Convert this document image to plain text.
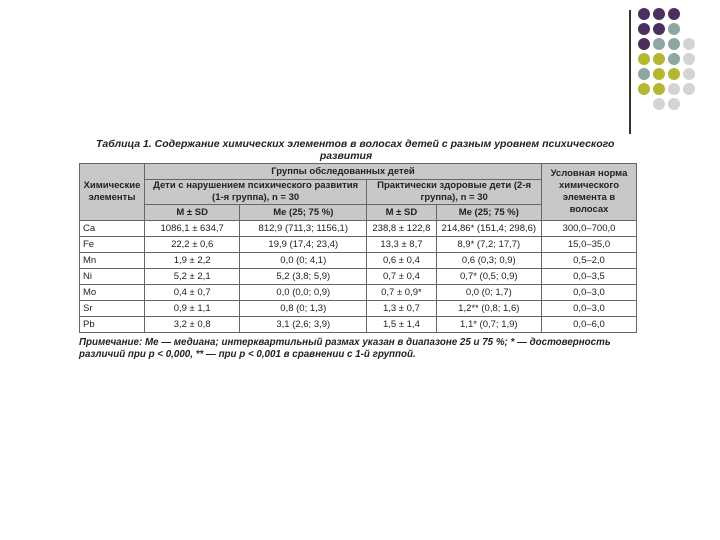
Таблица 1. Содержание химических элементов в волосах детей с разным уровнем психического
развития
Химические элементы	Группы обследованных детей				Условная норма химического элемента в волосах
	Дети с нарушением психического развития (1-я группа), n = 30		Практически здоровые дети (2-я группа), n = 30		
	M ± SD	Me (25; 75 %)	M ± SD	Me (25; 75 %)	
Ca	1086,1 ± 634,7	812,9 (711,3; 1156,1)	238,8 ± 122,8	214,86* (151,4; 298,6)	300,0–700,0
Fe	22,2 ± 0,6	19,9 (17,4; 23,4)	13,3 ± 8,7	8,9* (7,2; 17,7)	15,0–35,0
Mn	1,9 ± 2,2	0,0 (0; 4,1)	0,6 ± 0,4	0,6 (0,3; 0,9)	0,5–2,0
Ni	5,2 ± 2,1	5,2 (3,8; 5,9)	0,7 ± 0,4	0,7* (0,5; 0,9)	0,0–3,5
Mo	0,4 ± 0,7	0,0 (0,0; 0,9)	0,7 ± 0,9*	0,0 (0; 1,7)	0,0–3,0
Sr	0,9 ± 1,1	0,8 (0; 1,3)	1,3 ± 0,7	1,2** (0,8; 1,6)	0,0–3,0
Pb	3,2 ± 0,8	3,1 (2,6; 3,9)	1,5 ± 1,4	1,1* (0,7; 1,9)	0,0–6,0
Примечание: Me — медиана; интерквартильный размах указан в диапазоне 25 и 75 %; * — достоверность различий при p < 0,000, ** — при p < 0,001 в сравнении с 1-й группой.
